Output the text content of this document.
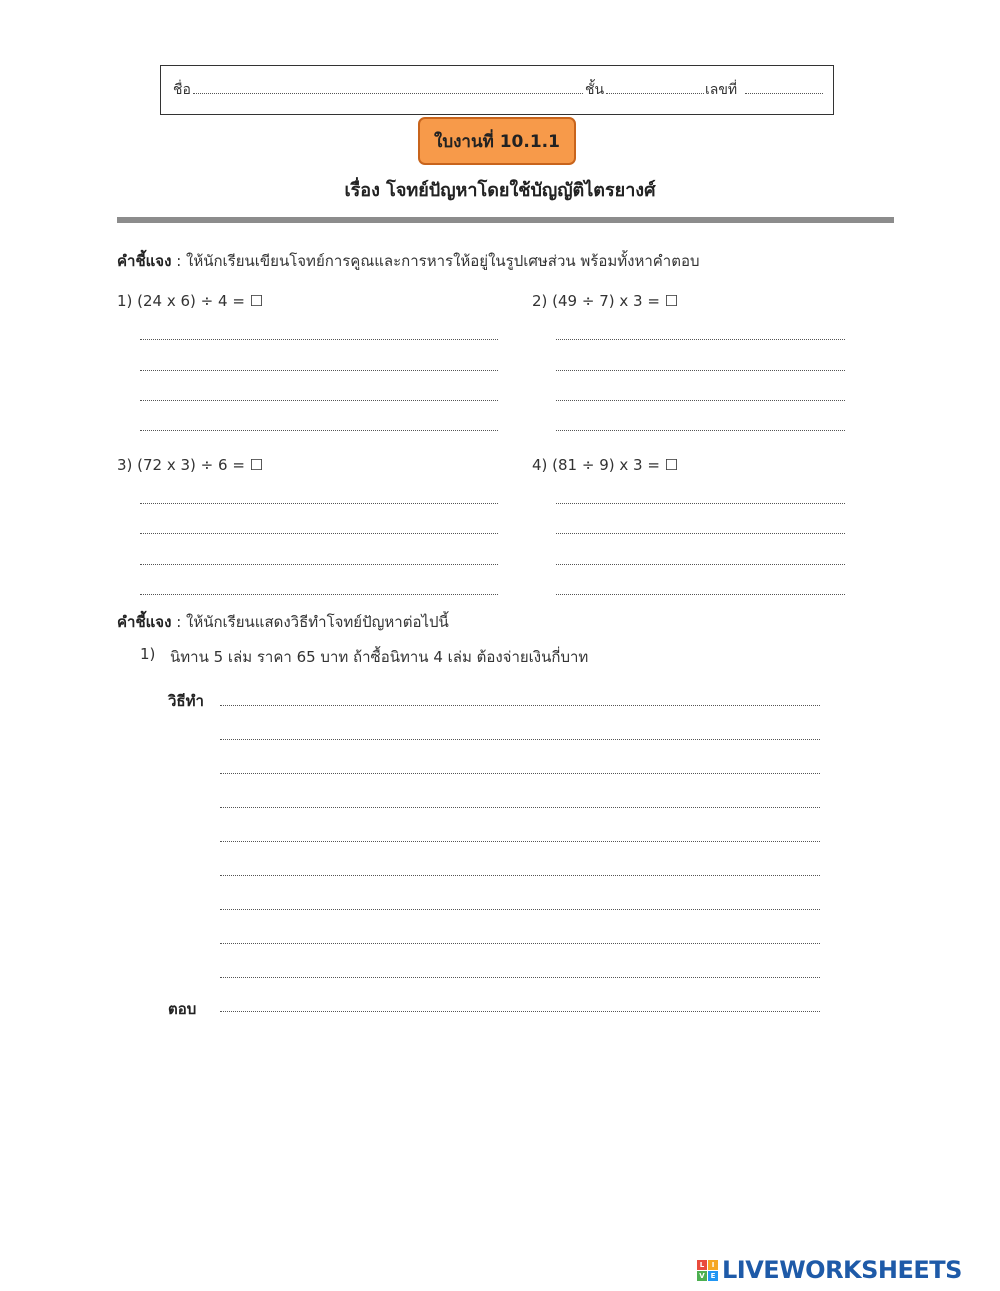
ชื่อ	ชั้น	เลขที่
ใบงานที่ 10.1.1
เรื่อง โจทย์ปัญหาโดยใช้บัญญัติไตรยางศ์
คำชี้แจง : ให้นักเรียนเขียนโจทย์การคูณและการหารให้อยู่ในรูปเศษส่วน พร้อมทั้งหาคำตอบ
1) (24 x 6) ÷ 4 = ☐	2) (49 ÷ 7) x 3 = ☐
3) (72 x 3) ÷ 6 = ☐	4) (81 ÷ 9) x 3 = ☐
คำชี้แจง : ให้นักเรียนแสดงวิธีทำโจทย์ปัญหาต่อไปนี้
1) นิทาน 5 เล่ม ราคา 65 บาท ถ้าซื้อนิทาน 4 เล่ม ต้องจ่ายเงินกี่บาท
วิธีทำ
ตอบ
L	I
V E LIVEWORKSHEETS
